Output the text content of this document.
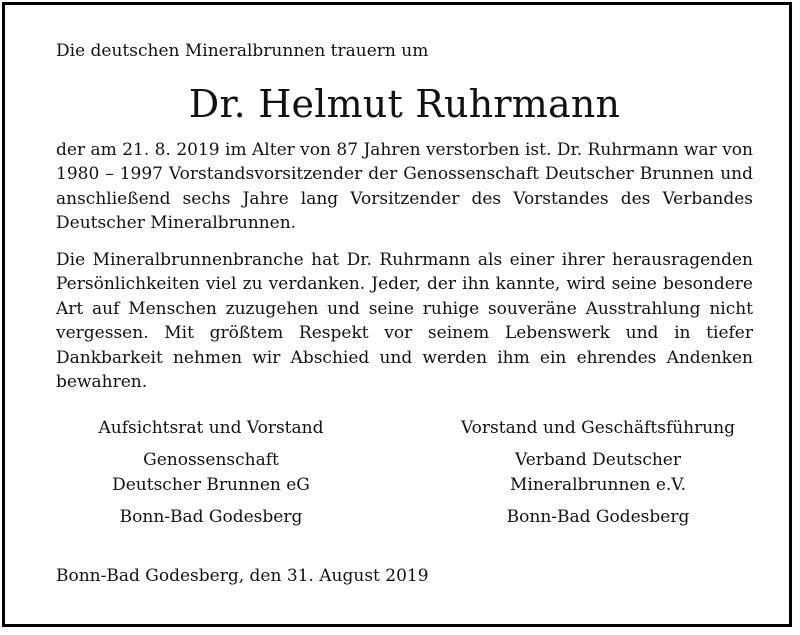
Die deutschen Mineralbrunnen trauern um

Dr. Helmut Ruhrmann

der am 21. 8. 2019 im Alter von 87 Jahren verstorben ist. Dr. Ruhrmann war von 1980 – 1997 Vorstandsvorsitzender der Genossenschaft Deutscher Brunnen und anschließend sechs Jahre lang Vorsitzender des Vorstandes des Verbandes Deutscher Mineralbrunnen.

Die Mineralbrunnenbranche hat Dr. Ruhrmann als einer ihrer herausragenden Persönlichkeiten viel zu verdanken. Jeder, der ihn kannte, wird seine besondere Art auf Menschen zuzugehen und seine ruhige souveräne Ausstrahlung nicht vergessen. Mit größtem Respekt vor seinem Lebenswerk und in tiefer Dankbarkeit nehmen wir Abschied und werden ihm ein ehrendes Andenken bewahren.

Aufsichtsrat und Vorstand

Genossenschaft

Deutscher Brunnen eG

Bonn-Bad Godesberg

Vorstand und Geschäftsführung

Verband Deutscher

Mineralbrunnen e.V.

Bonn-Bad Godesberg

Bonn-Bad Godesberg, den 31. August 2019
